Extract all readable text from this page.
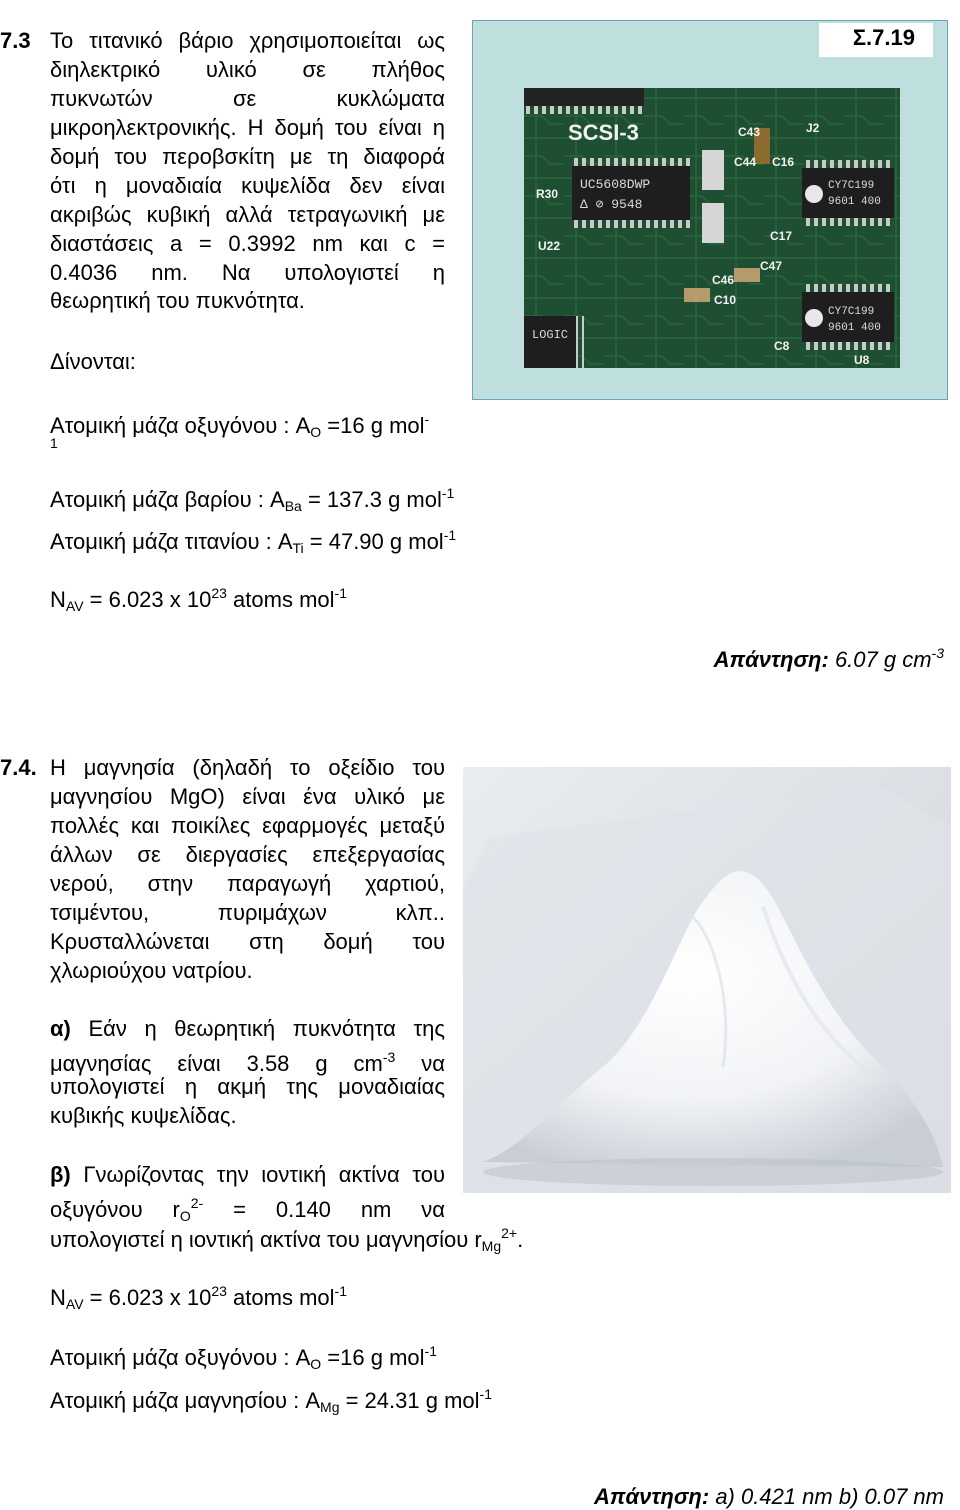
7.3 Το τιτανικό βάριο χρησιμοποιείται ως
διηλεκτρικό υλικό σε πλήθος
πυκνωτών σε κυκλώματα
μικροηλεκτρονικής. Η δομή του είναι η
δομή του περοβσκίτη με τη διαφορά
ότι η μοναδιαία κυψελίδα δεν είναι
ακριβώς κυβική αλλά τετραγωνική με
διαστάσεις a = 0.3992 nm και c =
0.4036 nm. Να υπολογιστεί η
θεωρητική του πυκνότητα.
Δίνονται:
Ατομική μάζα οξυγόνου : $A_O =16$ g mol-
1
Ατομική μάζα βαρίου : $A_{Ba} = 137.3$ g mol$^{-1}$
Ατομική μάζα τιτανίου : $A_{Ti} = 47.90$ g mol$^{-1}$
$N_{AV} = 6.023$ x $10^{23}$ atoms mol$^{-1}$
Απάντηση: 6.07 g $cm^{-3}$
Σ.7.19
SCSI-3
UC5608DWP
Δ ⊘ 9548
CY7C199
9601 400
CY7C199
9601 400
LOGIC
R30
U22
C43
C44 C16
J2
C17
C47
C46
C10
U8
C8
7.4. Η μαγνησία (δηλαδή το οξείδιο του
μαγνησίου MgO) είναι ένα υλικό με
πολλές και ποικίλες εφαρμογές μεταξύ
άλλων σε διεργασίες επεξεργασίας
νερού, στην παραγωγή χαρτιού,
τσιμέντου, πυριμάχων κλπ..
Κρυσταλλώνεται στη δομή του
χλωριούχου νατρίου.
α) Εάν η θεωρητική πυκνότητα της
μαγνησίας είναι 3.58 g $cm^{-3}$ να
υπολογιστεί η ακμή της μοναδιαίας
κυβικής κυψελίδας.
β) Γνωρίζοντας την ιοντική ακτίνα του
οξυγόνου $r_O^{2-} = 0.140$ nm να
υπολογιστεί η ιοντική ακτίνα του μαγνησίου $r_{Mg}^{2+}$.
$N_{AV} = 6.023$ x $10^{23}$ atoms mol$^{-1}$
Ατομική μάζα οξυγόνου : $A_O =16$ g mol$^{-1}$
Ατομική μάζα μαγνησίου : $A_{Mg} = 24.31$ g mol$^{-1}$
Απάντηση: a) 0.421 nm b) 0.07 nm
